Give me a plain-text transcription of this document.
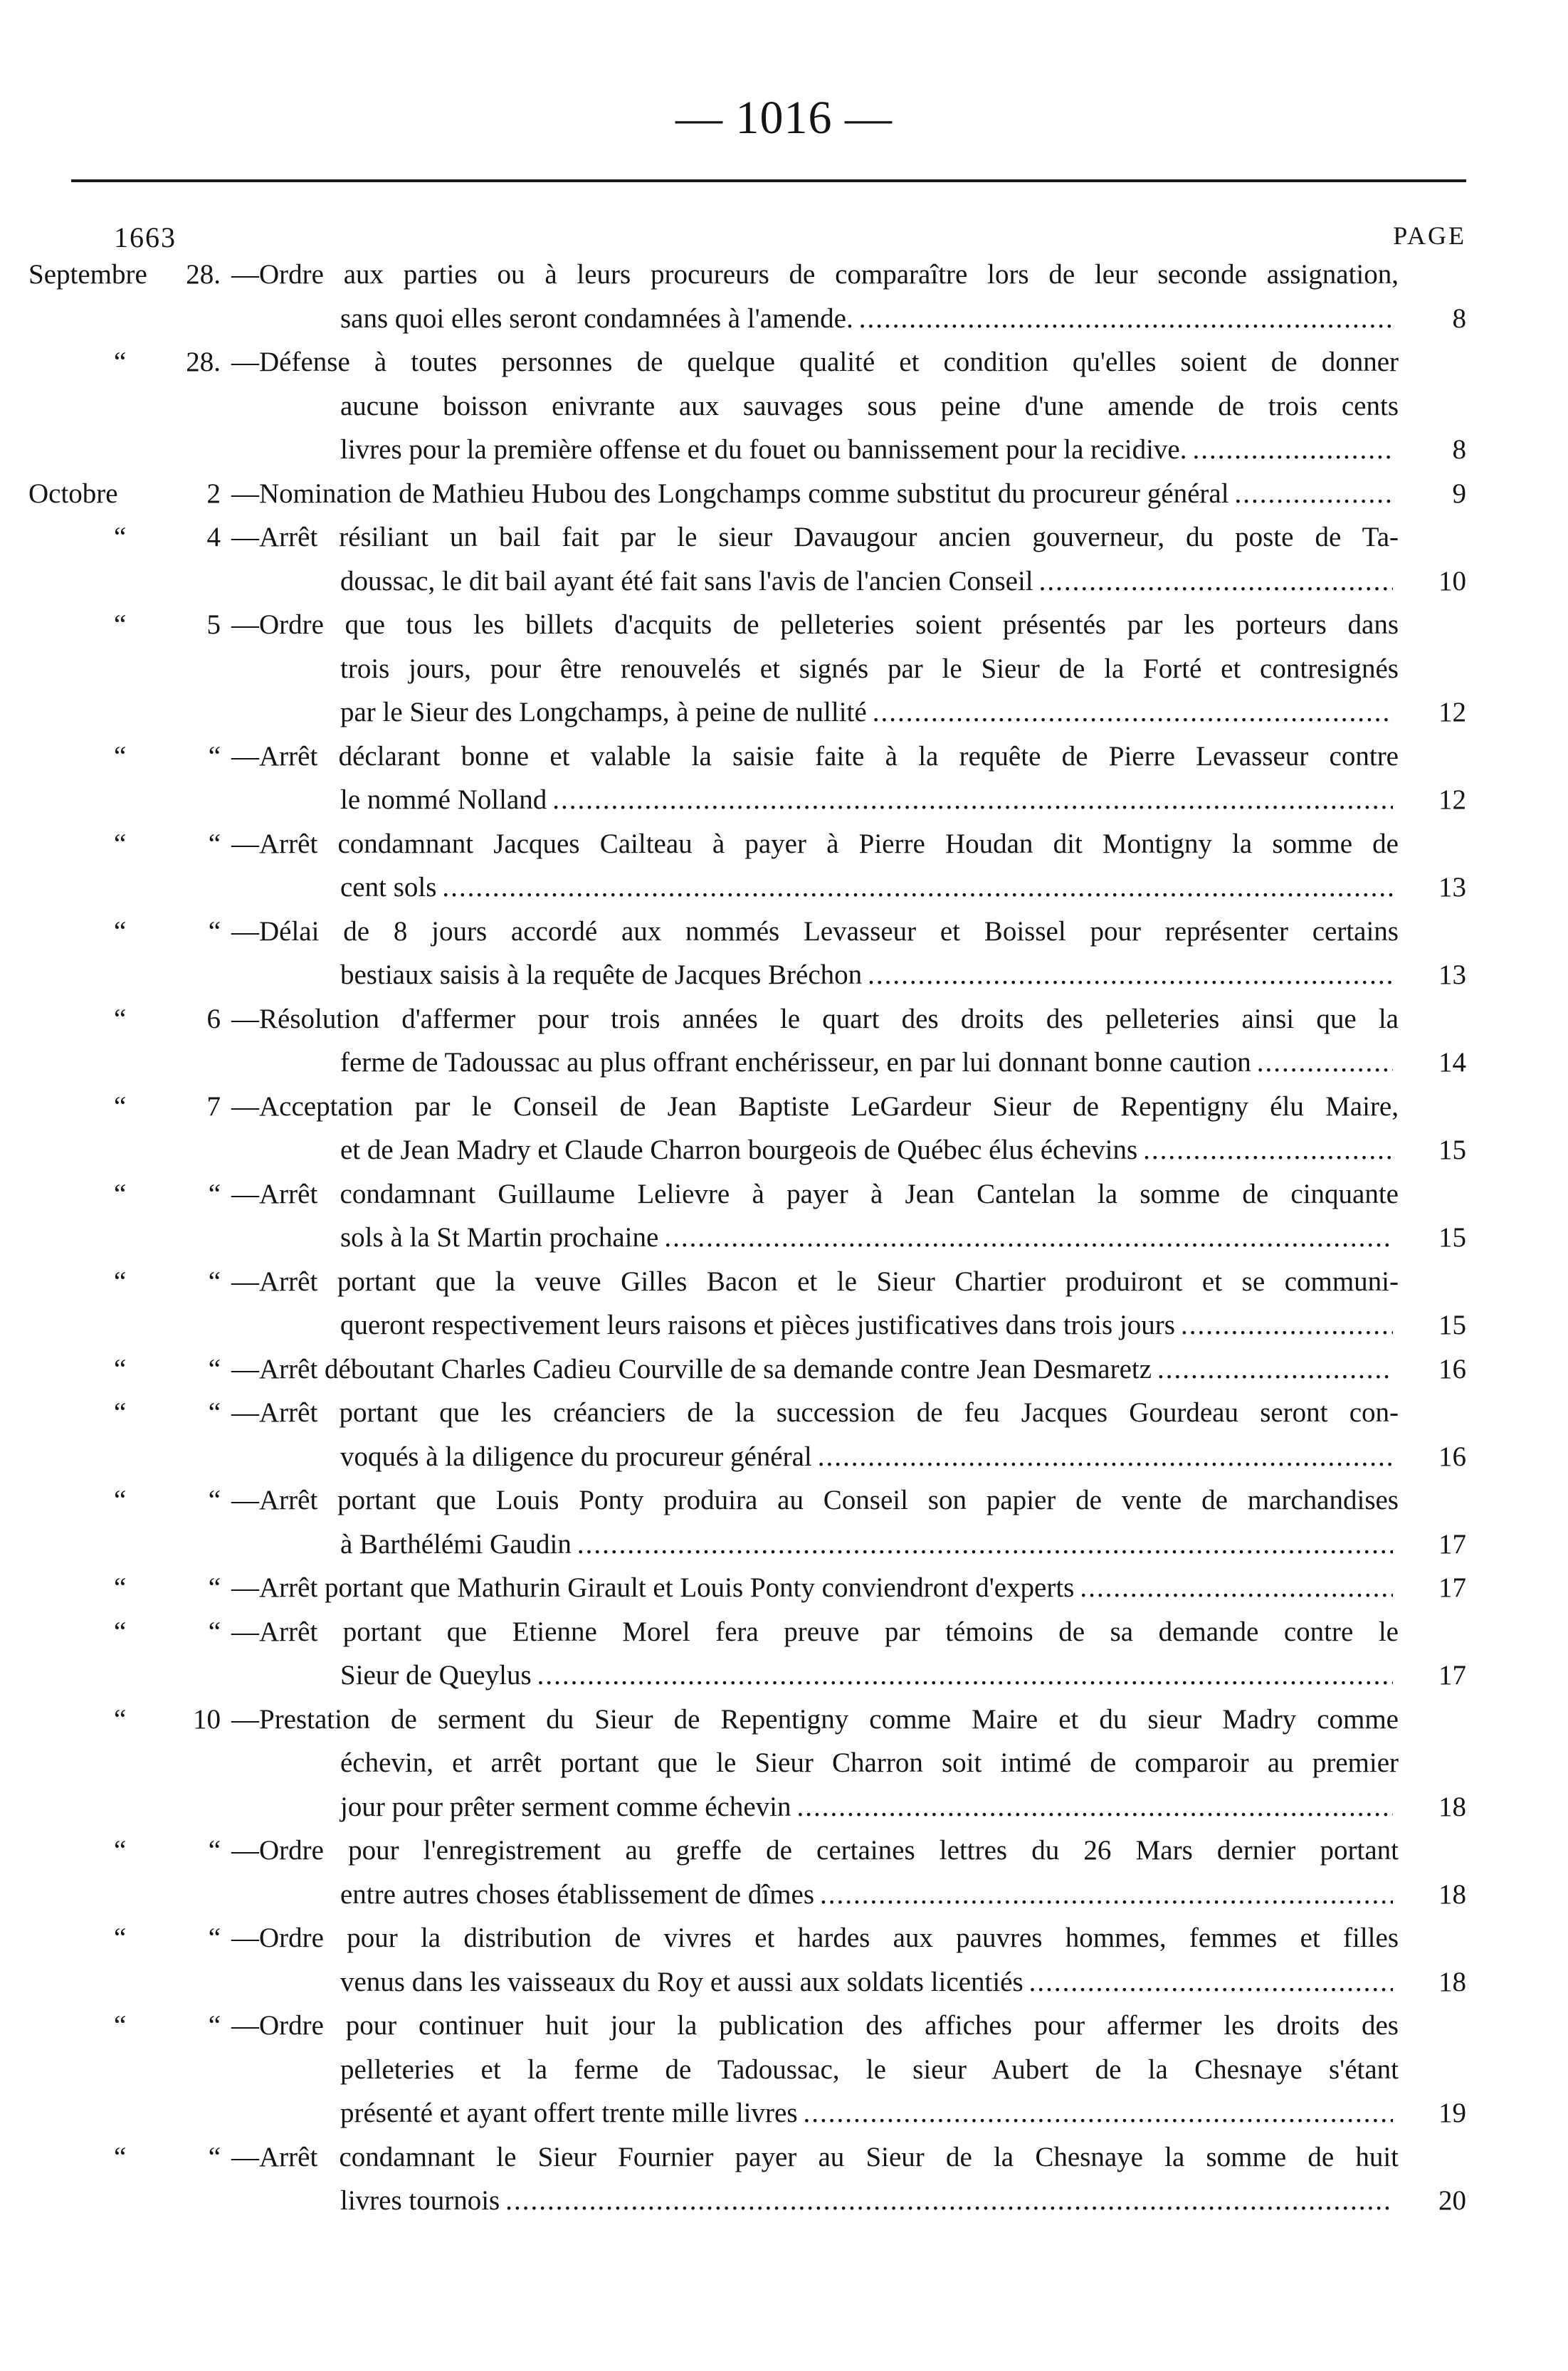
— 1016 —
1663	PAGE
Septembre	28. —Ordre aux parties ou à leurs procureurs de comparaître lors de leur seconde assignation,
sans quoi elles seront condamnées à l'amende. .....	8
“	28. —Défense à toutes personnes de quelque qualité et condition qu'elles soient de donner
aucune boisson enivrante aux sauvages sous peine d'une amende de trois cents
livres pour la première offense et du fouet ou bannissement pour la recidive. .....	8
Octobre	2 —Nomination de Mathieu Hubou des Longchamps comme substitut du procureur général .....	9
“	4 —Arrêt résiliant un bail fait par le sieur Davaugour ancien gouverneur, du poste de Ta-
doussac, le dit bail ayant été fait sans l'avis de l'ancien Conseil .....	10
“	5 —Ordre que tous les billets d'acquits de pelleteries soient présentés par les porteurs dans
trois jours, pour être renouvelés et signés par le Sieur de la Forté et contresignés
par le Sieur des Longchamps, à peine de nullité .....	12
“	“ —Arrêt déclarant bonne et valable la saisie faite à la requête de Pierre Levasseur contre
le nommé Nolland .....	12
“	“ —Arrêt condamnant Jacques Cailteau à payer à Pierre Houdan dit Montigny la somme de
cent sols .....	13
“	“ —Délai de 8 jours accordé aux nommés Levasseur et Boissel pour représenter certains
bestiaux saisis à la requête de Jacques Bréchon .....	13
“	6 —Résolution d'affermer pour trois années le quart des droits des pelleteries ainsi que la
ferme de Tadoussac au plus offrant enchérisseur, en par lui donnant bonne caution .....	14
“	7 —Acceptation par le Conseil de Jean Baptiste LeGardeur Sieur de Repentigny élu Maire,
et de Jean Madry et Claude Charron bourgeois de Québec élus échevins .....	15
“	“ —Arrêt condamnant Guillaume Lelievre à payer à Jean Cantelan la somme de cinquante
sols à la St Martin prochaine .....	15
“	“ —Arrêt portant que la veuve Gilles Bacon et le Sieur Chartier produiront et se communi-
queront respectivement leurs raisons et pièces justificatives dans trois jours .....	15
“	“ —Arrêt déboutant Charles Cadieu Courville de sa demande contre Jean Desmaretz .....	16
“	“ —Arrêt portant que les créanciers de la succession de feu Jacques Gourdeau seront con-
voqués à la diligence du procureur général .....	16
“	“ —Arrêt portant que Louis Ponty produira au Conseil son papier de vente de marchandises
à Barthélémi Gaudin .....	17
“	“ —Arrêt portant que Mathurin Girault et Louis Ponty conviendront d'experts .....	17
“	“ —Arrêt portant que Etienne Morel fera preuve par témoins de sa demande contre le
Sieur de Queylus .....	17
“	10 —Prestation de serment du Sieur de Repentigny comme Maire et du sieur Madry comme
échevin, et arrêt portant que le Sieur Charron soit intimé de comparoir au premier
jour pour prêter serment comme échevin .....	18
“	“ —Ordre pour l'enregistrement au greffe de certaines lettres du 26 Mars dernier portant
entre autres choses établissement de dîmes .....	18
“	“ —Ordre pour la distribution de vivres et hardes aux pauvres hommes, femmes et filles
venus dans les vaisseaux du Roy et aussi aux soldats licentiés .....	18
“	“ —Ordre pour continuer huit jour la publication des affiches pour affermer les droits des
pelleteries et la ferme de Tadoussac, le sieur Aubert de la Chesnaye s'étant
présenté et ayant offert trente mille livres .....	19
“	“ —Arrêt condamnant le Sieur Fournier payer au Sieur de la Chesnaye la somme de huit
livres tournois .....	20
